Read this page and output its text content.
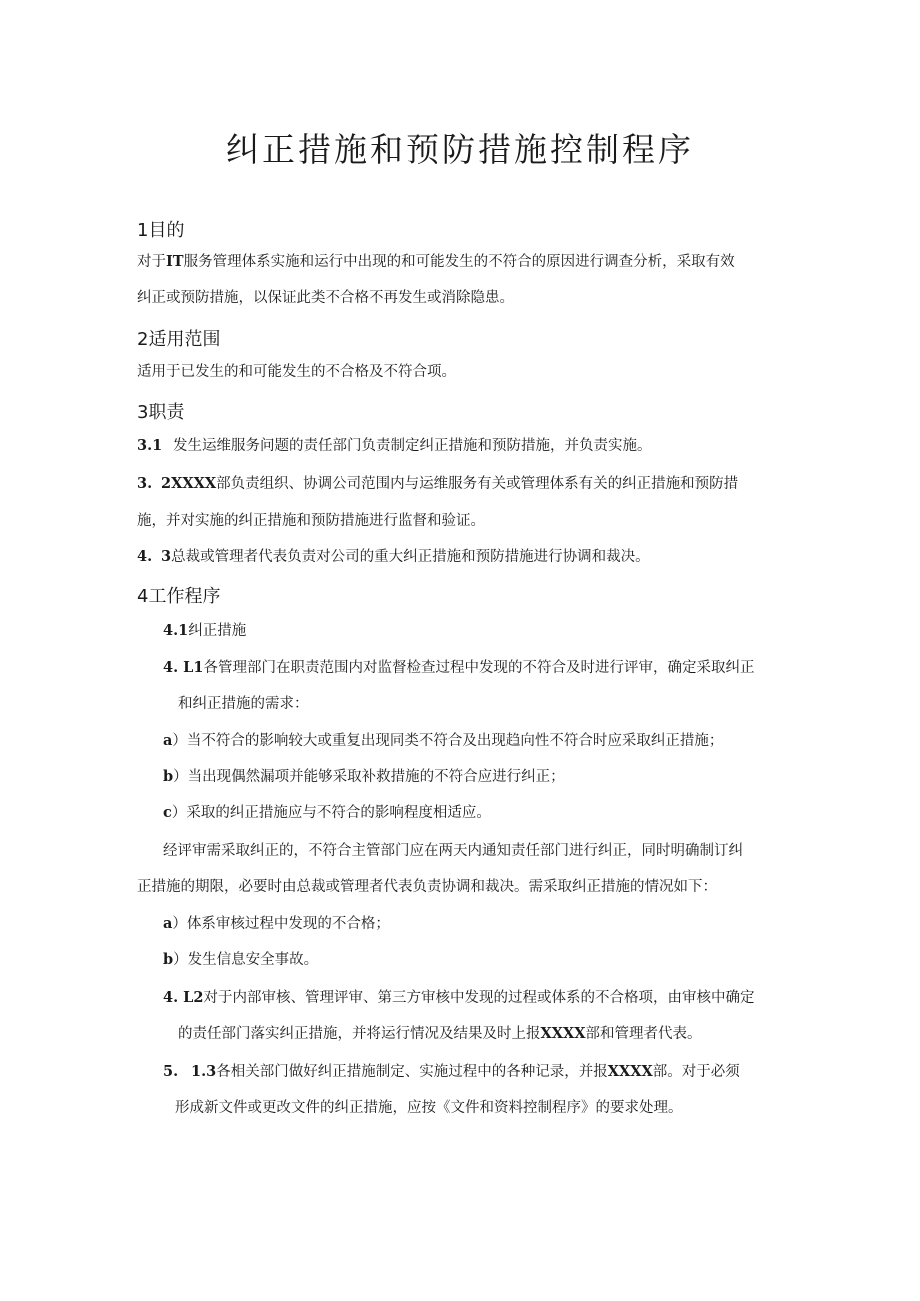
纠正措施和预防措施控制程序
1目的

对于IT服务管理体系实施和运行中出现的和可能发生的不符合的原因进行调查分析，采取有效

纠正或预防措施，以保证此类不合格不再发生或消除隐患。

2适用范围

适用于已发生的和可能发生的不合格及不符合项。

3职责

3.1 发生运维服务问题的责任部门负责制定纠正措施和预防措施，并负责实施。

3. 2XXXX部负责组织、协调公司范围内与运维服务有关或管理体系有关的纠正措施和预防措

施，并对实施的纠正措施和预防措施进行监督和验证。

4. 3总裁或管理者代表负责对公司的重大纠正措施和预防措施进行协调和裁决。

4工作程序

4.1纠正措施

4. L1各管理部门在职责范围内对监督检查过程中发现的不符合及时进行评审，确定采取纠正

和纠正措施的需求：

a）当不符合的影响较大或重复出现同类不符合及出现趋向性不符合时应采取纠正措施；

b）当出现偶然漏项并能够采取补救措施的不符合应进行纠正；

c）采取的纠正措施应与不符合的影响程度相适应。

经评审需采取纠正的，不符合主管部门应在两天内通知责任部门进行纠正，同时明确制订纠

正措施的期限，必要时由总裁或管理者代表负责协调和裁决。需采取纠正措施的情况如下：

a）体系审核过程中发现的不合格；

b）发生信息安全事故。

4. L2对于内部审核、管理评审、第三方审核中发现的过程或体系的不合格项，由审核中确定

的责任部门落实纠正措施，并将运行情况及结果及时上报XXXX部和管理者代表。

5. 1.3各相关部门做好纠正措施制定、实施过程中的各种记录，并报XXXX部。对于必须

形成新文件或更改文件的纠正措施，应按《文件和资料控制程序》的要求处理。
